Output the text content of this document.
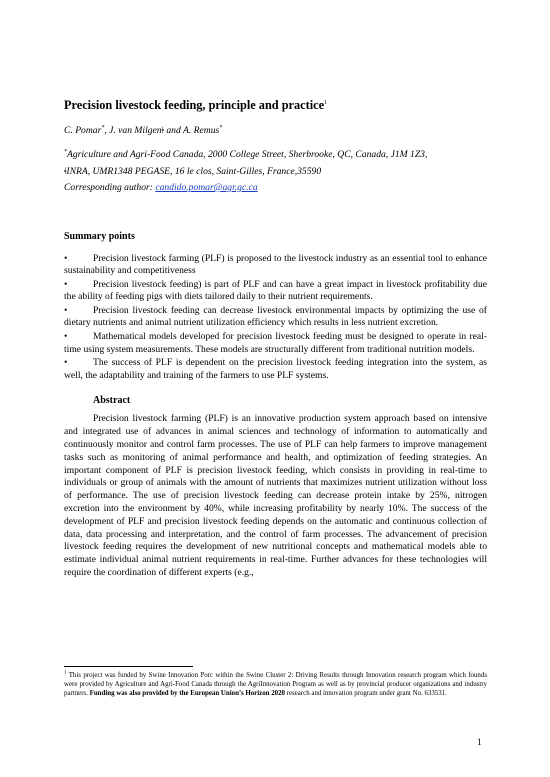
Precision livestock feeding, principle and practice$^1$
C. Pomar*, J. van Milgenǂ and A. Remus*
*Agriculture and Agri-Food Canada, 2000 College Street, Sherbrooke, QC, Canada, J1M 1Z3,
ǂINRA, UMR1348 PEGASE, 16 le clos, Saint-Gilles, France,35590
Corresponding author: candido.pomar@agr.gc.ca
Summary points

•	Precision livestock farming (PLF) is proposed to the livestock industry as an essential tool to enhance sustainability and competitiveness

•	Precision livestock feeding) is part of PLF and can have a great impact in livestock profitability due the ability of feeding pigs with diets tailored daily to their nutrient requirements.

•	Precision livestock feeding can decrease livestock environmental impacts by optimizing the use of dietary nutrients and animal nutrient utilization efficiency which results in less nutrient excretion.

•	Mathematical models developed for precision livestock feeding must be designed to operate in real-time using system measurements. These models are structurally different from traditional nutrition models.

•	The success of PLF is dependent on the precision livestock feeding integration into the system, as well, the adaptability and training of the farmers to use PLF systems.

Abstract

Precision livestock farming (PLF) is an innovative production system approach based on intensive and integrated use of advances in animal sciences and technology of information to automatically and continuously monitor and control farm processes. The use of PLF can help farmers to improve management tasks such as monitoring of animal performance and health, and optimization of feeding strategies. An important component of PLF is precision livestock feeding, which consists in providing in real-time to individuals or group of animals with the amount of nutrients that maximizes nutrient utilization without loss of performance. The use of precision livestock feeding can decrease protein intake by 25%, nitrogen excretion into the environment by 40%, while increasing profitability by nearly 10%. The success of the development of PLF and precision livestock feeding depends on the automatic and continuous collection of data, data processing and interpretation, and the control of farm processes. The advancement of precision livestock feeding requires the development of new nutritional concepts and mathematical models able to estimate individual animal nutrient requirements in real-time. Further advances for these technologies will require the coordination of different experts (e.g.,

$^1$ This project was funded by Swine Innovation Porc within the Swine Cluster 2: Driving Results through Innovation research program which founds were provided by Agriculture and Agri-Food Canada through the AgriInnovation Program as well as by provincial producer organizations and industry partners. Funding was also provided by the European Union’s Horizon 2020 research and innovation program under grant No. 633531.
1
